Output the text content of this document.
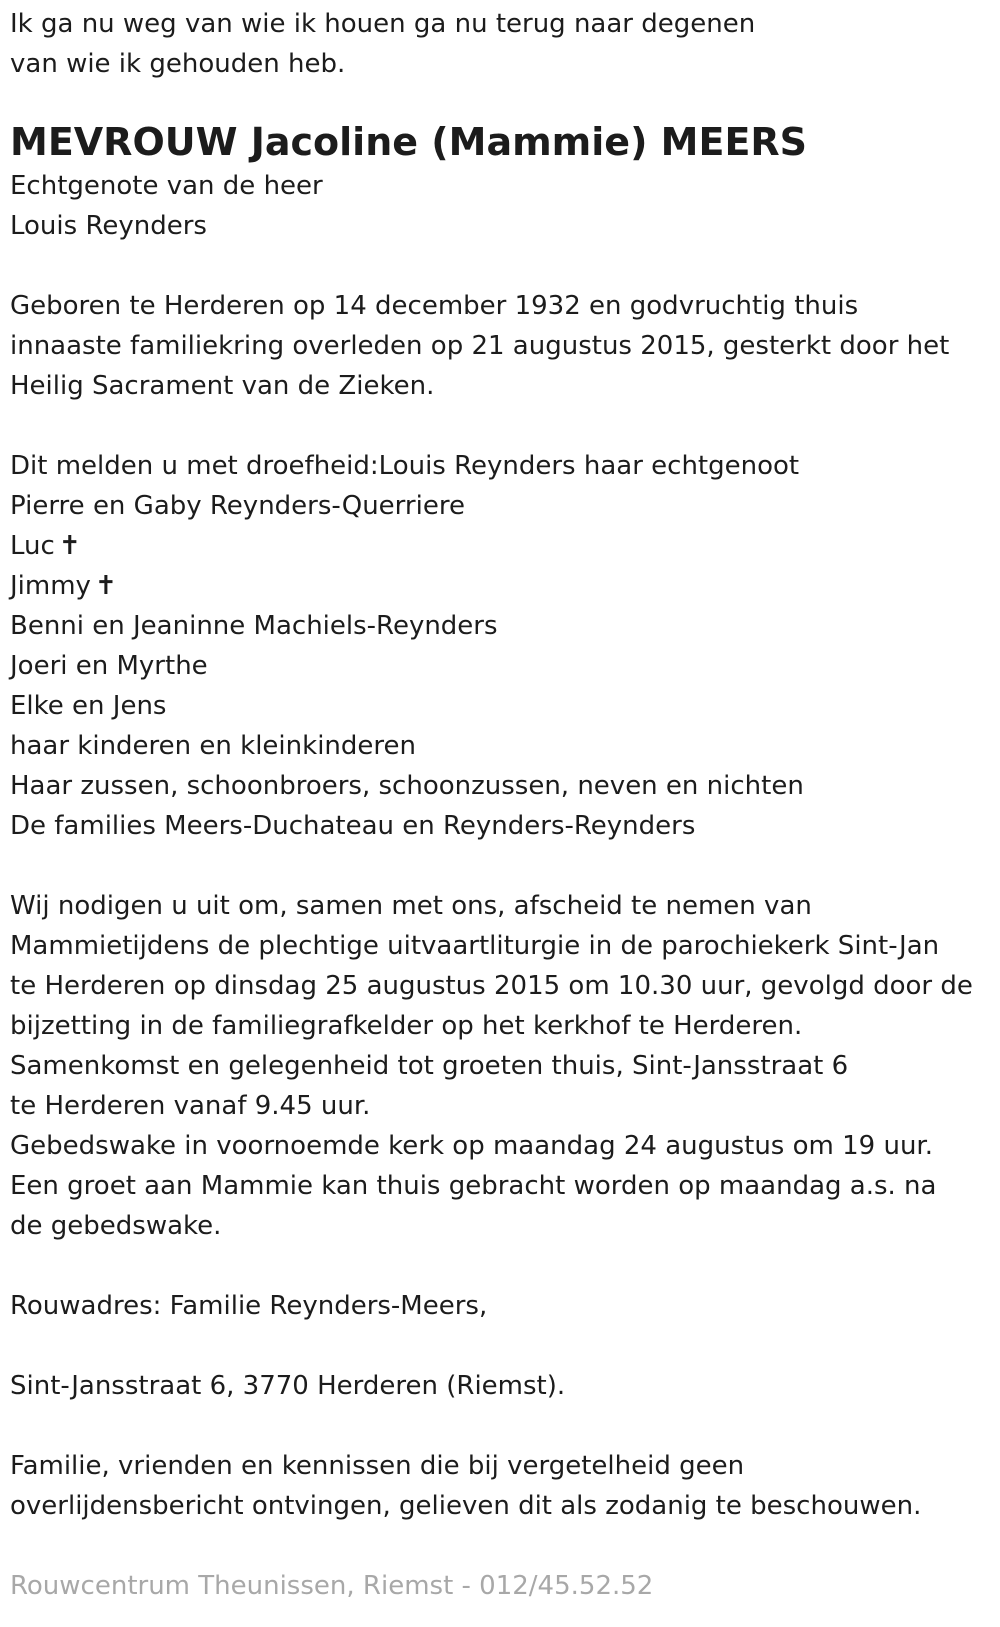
Ik ga nu weg van wie ik houen ga nu terug naar degenen

van wie ik gehouden heb.

MEVROUW Jacoline (Mammie) MEERS

Echtgenote van de heer

Louis Reynders

Geboren te Herderen op 14 december 1932 en godvruchtig thuis

innaaste familiekring overleden op 21 augustus 2015, gesterkt door het

Heilig Sacrament van de Zieken.

Dit melden u met droefheid:Louis Reynders haar echtgenoot

Pierre en Gaby Reynders-Querriere

Luc ✝

Jimmy ✝

Benni en Jeaninne Machiels-Reynders

Joeri en Myrthe

Elke en Jens

haar kinderen en kleinkinderen

Haar zussen, schoonbroers, schoonzussen, neven en nichten

De families Meers-Duchateau en Reynders-Reynders

Wij nodigen u uit om, samen met ons, afscheid te nemen van

Mammietijdens de plechtige uitvaartliturgie in de parochiekerk Sint-Jan

te Herderen op dinsdag 25 augustus 2015 om 10.30 uur, gevolgd door de

bijzetting in de familiegrafkelder op het kerkhof te Herderen.

Samenkomst en gelegenheid tot groeten thuis, Sint-Jansstraat 6

te Herderen vanaf 9.45 uur.

Gebedswake in voornoemde kerk op maandag 24 augustus om 19 uur.

Een groet aan Mammie kan thuis gebracht worden op maandag a.s. na

de gebedswake.

Rouwadres: Familie Reynders-Meers,

Sint-Jansstraat 6, 3770 Herderen (Riemst).

Familie, vrienden en kennissen die bij vergetelheid geen

overlijdensbericht ontvingen, gelieven dit als zodanig te beschouwen.

Rouwcentrum Theunissen, Riemst - 012/45.52.52
